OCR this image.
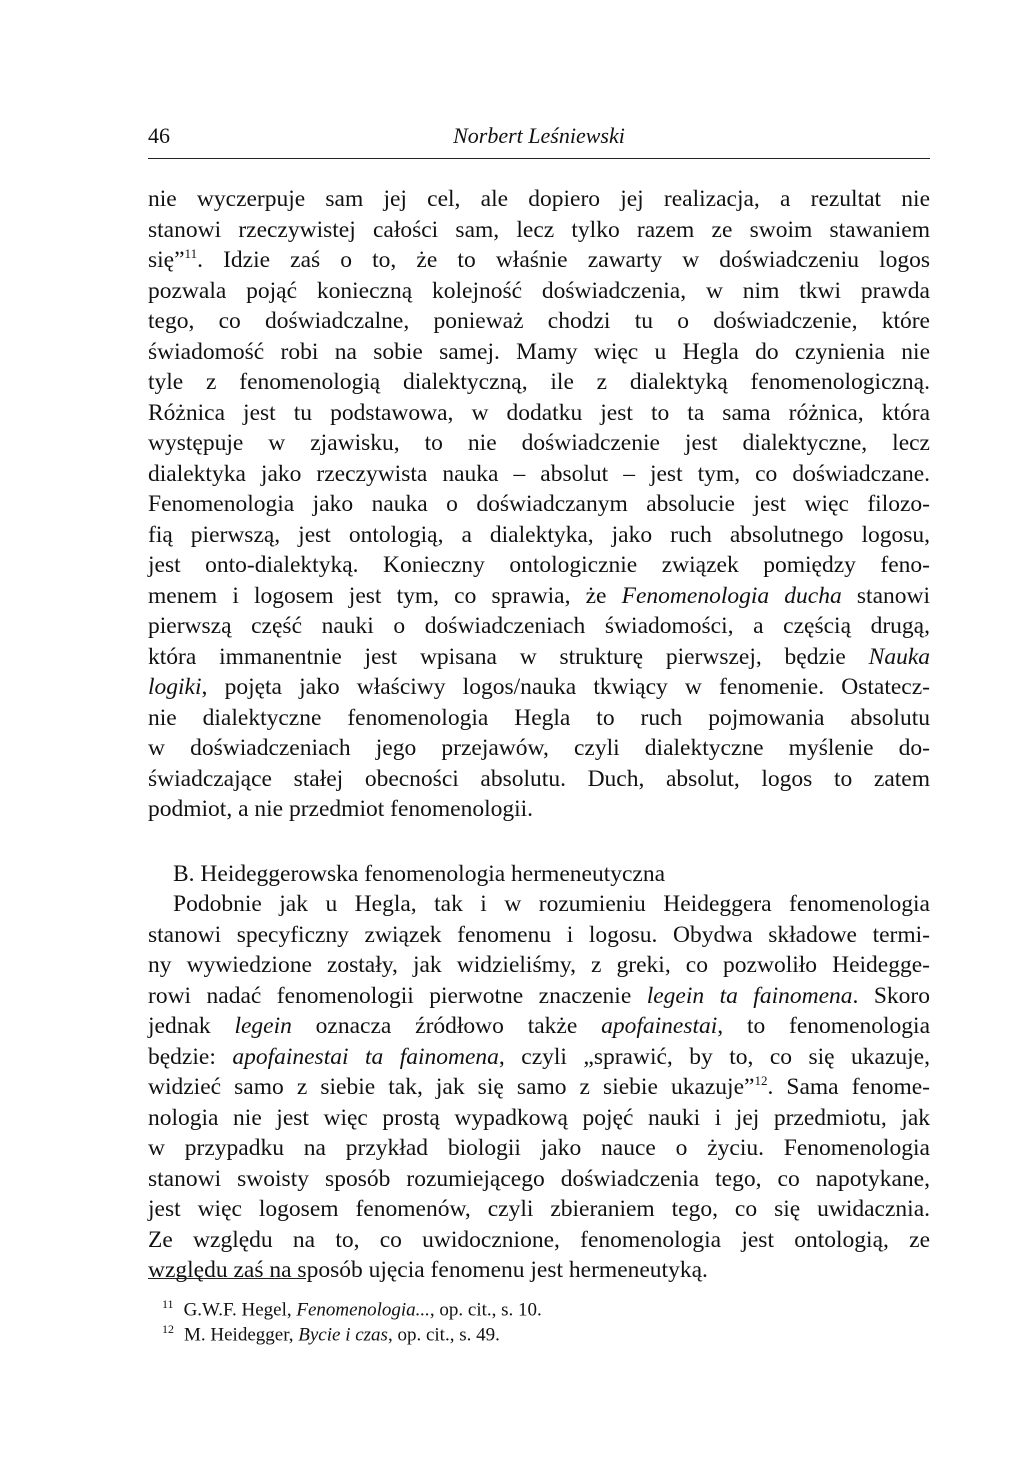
46	Norbert Leśniewski
nie wyczerpuje sam jej cel, ale dopiero jej realizacja, a rezultat nie
stanowi rzeczywistej całości sam, lecz tylko razem ze swoim stawaniem
się”$^{11}$. Idzie zaś o to, że to właśnie zawarty w doświadczeniu logos
pozwala pojąć konieczną kolejność doświadczenia, w nim tkwi prawda
tego, co doświadczalne, ponieważ chodzi tu o doświadczenie, które
świadomość robi na sobie samej. Mamy więc u Hegla do czynienia nie
tyle z fenomenologią dialektyczną, ile z dialektyką fenomenologiczną.
Różnica jest tu podstawowa, w dodatku jest to ta sama różnica, która
występuje w zjawisku, to nie doświadczenie jest dialektyczne, lecz
dialektyka jako rzeczywista nauka – absolut – jest tym, co doświadczane.
Fenomenologia jako nauka o doświadczanym absolucie jest więc filozo-
fią pierwszą, jest ontologią, a dialektyka, jako ruch absolutnego logosu,
jest onto-dialektyką. Konieczny ontologicznie związek pomiędzy feno-
menem i logosem jest tym, co sprawia, że Fenomenologia ducha stanowi
pierwszą część nauki o doświadczeniach świadomości, a częścią drugą,
która immanentnie jest wpisana w strukturę pierwszej, będzie Nauka
logiki, pojęta jako właściwy logos/nauka tkwiący w fenomenie. Ostatecz-
nie dialektyczne fenomenologia Hegla to ruch pojmowania absolutu
w doświadczeniach jego przejawów, czyli dialektyczne myślenie do-
świadczające stałej obecności absolutu. Duch, absolut, logos to zatem
podmiot, a nie przedmiot fenomenologii.
B. Heideggerowska fenomenologia hermeneutyczna
Podobnie jak u Hegla, tak i w rozumieniu Heideggera fenomenologia
stanowi specyficzny związek fenomenu i logosu. Obydwa składowe termi-
ny wywiedzione zostały, jak widzieliśmy, z greki, co pozwoliło Heidegge-
rowi nadać fenomenologii pierwotne znaczenie legein ta fainomena. Skoro
jednak legein oznacza źródłowo także apofainestai, to fenomenologia
będzie: apofainestai ta fainomena, czyli „sprawić, by to, co się ukazuje,
widzieć samo z siebie tak, jak się samo z siebie ukazuje”$^{12}$. Sama fenome-
nologia nie jest więc prostą wypadkową pojęć nauki i jej przedmiotu, jak
w przypadku na przykład biologii jako nauce o życiu. Fenomenologia
stanowi swoisty sposób rozumiejącego doświadczenia tego, co napotykane,
jest więc logosem fenomenów, czyli zbieraniem tego, co się uwidacznia.
Ze względu na to, co uwidocznione, fenomenologia jest ontologią, ze
względu zaś na sposób ujęcia fenomenu jest hermeneutyką.
$^{11}$ G.W.F. Hegel, Fenomenologia..., op. cit., s. 10.
$^{12}$ M. Heidegger, Bycie i czas, op. cit., s. 49.
